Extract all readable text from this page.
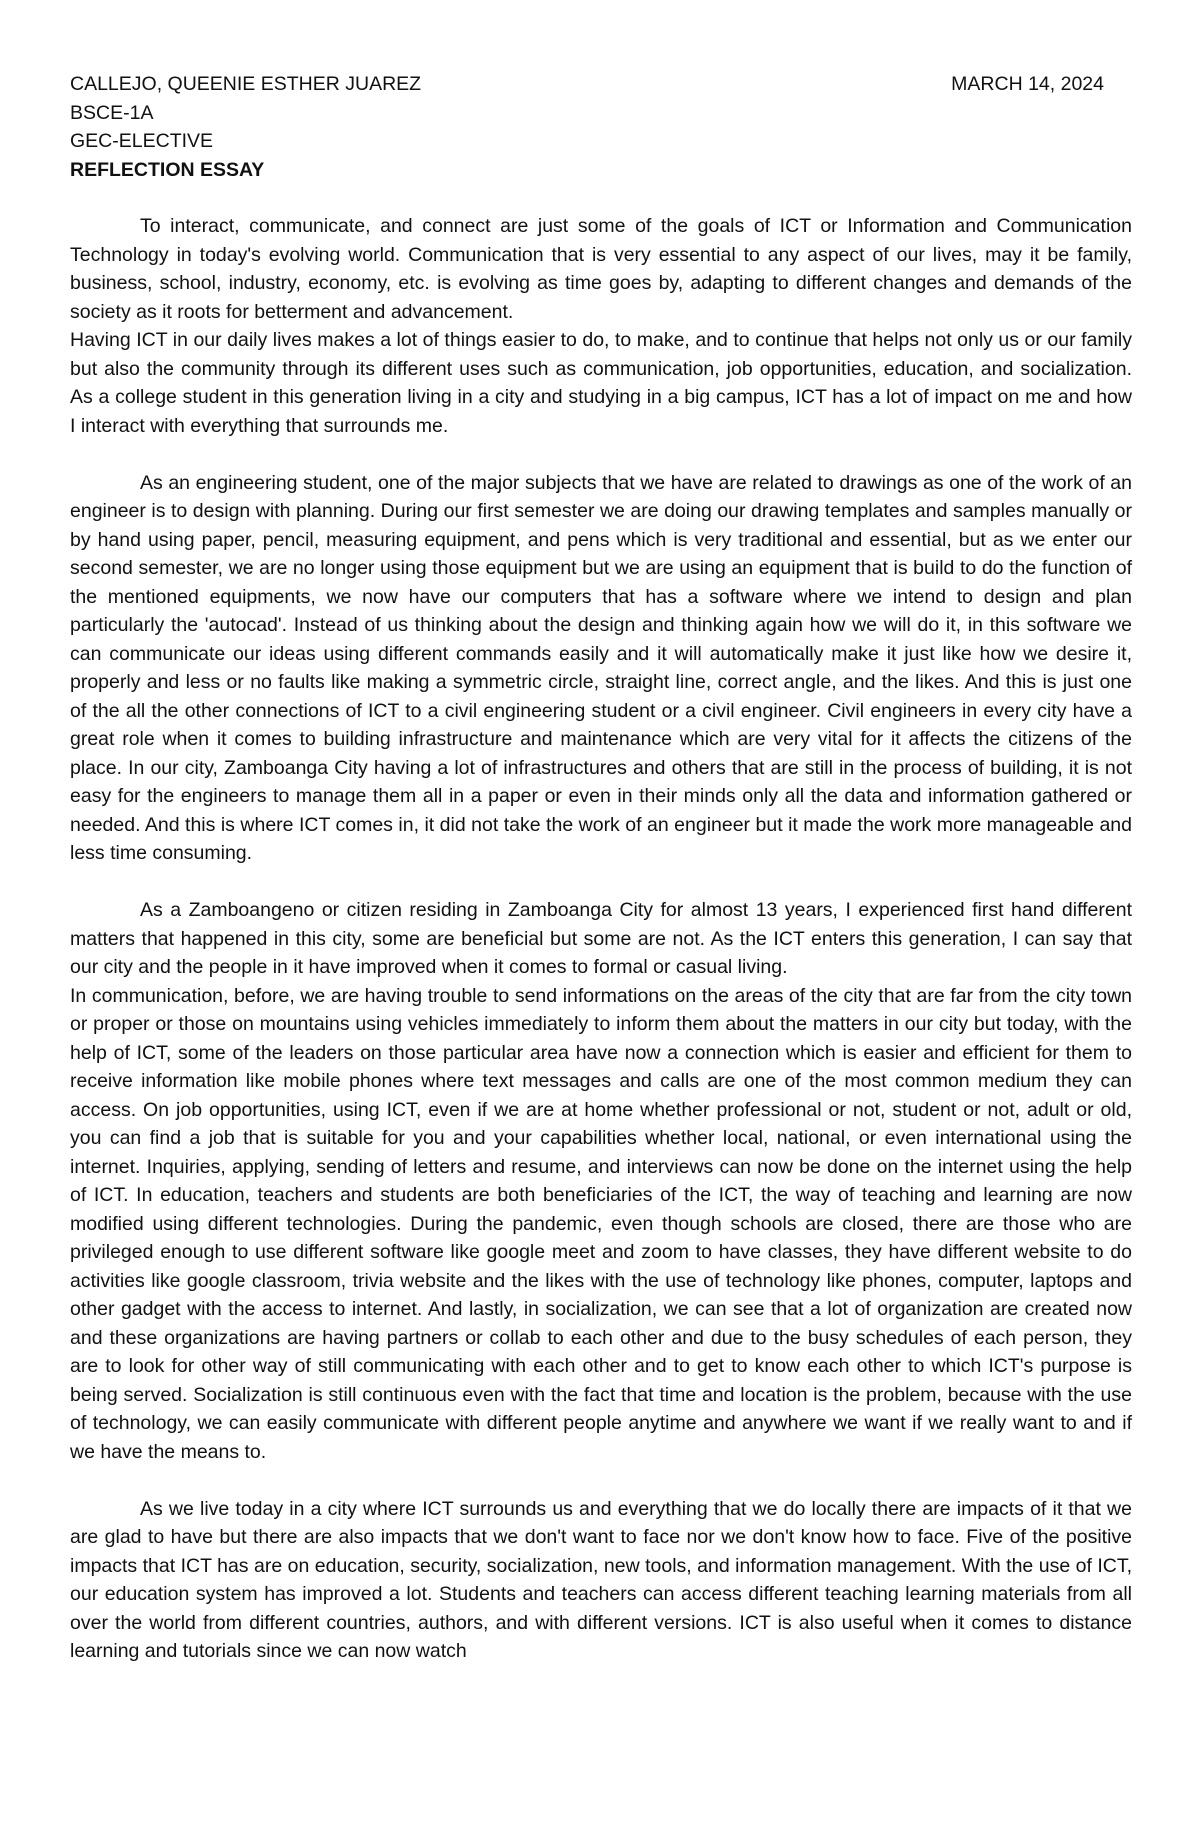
CALLEJO, QUEENIE ESTHER JUAREZ	MARCH 14, 2024
BSCE-1A
GEC-ELECTIVE
REFLECTION ESSAY

To interact, communicate, and connect are just some of the goals of ICT or Information and Communication Technology in today's evolving world. Communication that is very essential to any aspect of our lives, may it be family, business, school, industry, economy, etc. is evolving as time goes by, adapting to different changes and demands of the society as it roots for betterment and advancement.

Having ICT in our daily lives makes a lot of things easier to do, to make, and to continue that helps not only us or our family but also the community through its different uses such as communication, job opportunities, education, and socialization. As a college student in this generation living in a city and studying in a big campus, ICT has a lot of impact on me and how I interact with everything that surrounds me.

As an engineering student, one of the major subjects that we have are related to drawings as one of the work of an engineer is to design with planning. During our first semester we are doing our drawing templates and samples manually or by hand using paper, pencil, measuring equipment, and pens which is very traditional and essential, but as we enter our second semester, we are no longer using those equipment but we are using an equipment that is build to do the function of the mentioned equipments, we now have our computers that has a software where we intend to design and plan particularly the 'autocad'. Instead of us thinking about the design and thinking again how we will do it, in this software we can communicate our ideas using different commands easily and it will automatically make it just like how we desire it, properly and less or no faults like making a symmetric circle, straight line, correct angle, and the likes. And this is just one of the all the other connections of ICT to a civil engineering student or a civil engineer. Civil engineers in every city have a great role when it comes to building infrastructure and maintenance which are very vital for it affects the citizens of the place. In our city, Zamboanga City having a lot of infrastructures and others that are still in the process of building, it is not easy for the engineers to manage them all in a paper or even in their minds only all the data and information gathered or needed. And this is where ICT comes in, it did not take the work of an engineer but it made the work more manageable and less time consuming.

As a Zamboangeno or citizen residing in Zamboanga City for almost 13 years, I experienced first hand different matters that happened in this city, some are beneficial but some are not. As the ICT enters this generation, I can say that our city and the people in it have improved when it comes to formal or casual living.

In communication, before, we are having trouble to send informations on the areas of the city that are far from the city town or proper or those on mountains using vehicles immediately to inform them about the matters in our city but today, with the help of ICT, some of the leaders on those particular area have now a connection which is easier and efficient for them to receive information like mobile phones where text messages and calls are one of the most common medium they can access. On job opportunities, using ICT, even if we are at home whether professional or not, student or not, adult or old, you can find a job that is suitable for you and your capabilities whether local, national, or even international using the internet. Inquiries, applying, sending of letters and resume, and interviews can now be done on the internet using the help of ICT. In education, teachers and students are both beneficiaries of the ICT, the way of teaching and learning are now modified using different technologies. During the pandemic, even though schools are closed, there are those who are privileged enough to use different software like google meet and zoom to have classes, they have different website to do activities like google classroom, trivia website and the likes with the use of technology like phones, computer, laptops and other gadget with the access to internet. And lastly, in socialization, we can see that a lot of organization are created now and these organizations are having partners or collab to each other and due to the busy schedules of each person, they are to look for other way of still communicating with each other and to get to know each other to which ICT's purpose is being served. Socialization is still continuous even with the fact that time and location is the problem, because with the use of technology, we can easily communicate with different people anytime and anywhere we want if we really want to and if we have the means to.

As we live today in a city where ICT surrounds us and everything that we do locally there are impacts of it that we are glad to have but there are also impacts that we don't want to face nor we don't know how to face. Five of the positive impacts that ICT has are on education, security, socialization, new tools, and information management. With the use of ICT, our education system has improved a lot. Students and teachers can access different teaching learning materials from all over the world from different countries, authors, and with different versions. ICT is also useful when it comes to distance learning and tutorials since we can now watch
